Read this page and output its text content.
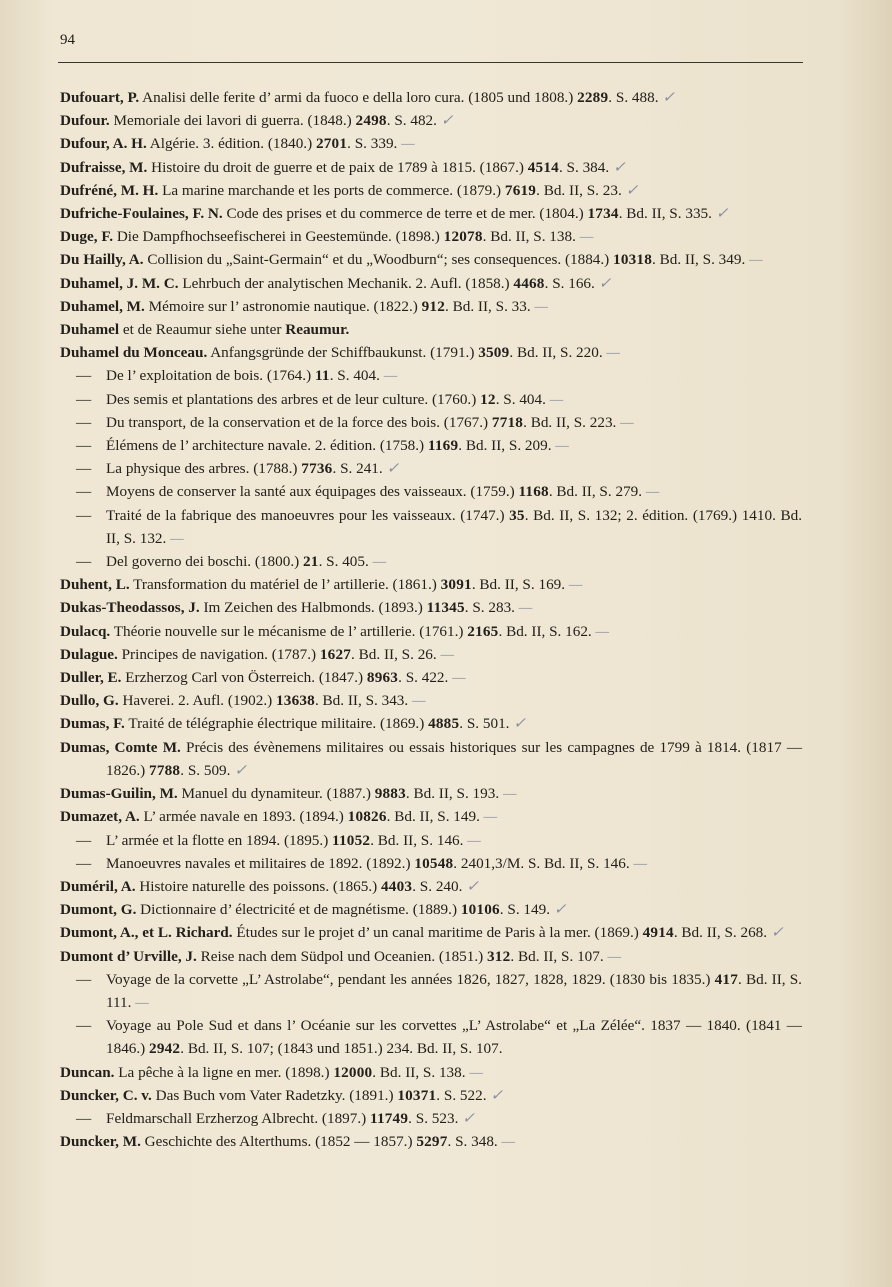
94
Dufouart, P. Analisi delle ferite d’ armi da fuoco e della loro cura. (1805 und 1808.) 2289. S. 488. ✓
Dufour. Memoriale dei lavori di guerra. (1848.) 2498. S. 482. ✓
Dufour, A. H. Algérie. 3. édition. (1840.) 2701. S. 339. —
Dufraisse, M. Histoire du droit de guerre et de paix de 1789 à 1815. (1867.) 4514. S. 384. ✓
Dufréné, M. H. La marine marchande et les ports de commerce. (1879.) 7619. Bd. II, S. 23. ✓
Dufriche-Foulaines, F. N. Code des prises et du commerce de terre et de mer. (1804.) 1734. Bd. II, S. 335. ✓
Duge, F. Die Dampfhochseefischerei in Geestemünde. (1898.) 12078. Bd. II, S. 138. —
Du Hailly, A. Collision du „Saint-Germain“ et du „Woodburn“; ses consequences. (1884.) 10318. Bd. II, S. 349. —
Duhamel, J. M. C. Lehrbuch der analytischen Mechanik. 2. Aufl. (1858.) 4468. S. 166. ✓
Duhamel, M. Mémoire sur l’ astronomie nautique. (1822.) 912. Bd. II, S. 33. —
Duhamel et de Reaumur siehe unter Reaumur.
Duhamel du Monceau. Anfangsgründe der Schiffbaukunst. (1791.) 3509. Bd. II, S. 220. —
— De l’ exploitation de bois. (1764.) 11. S. 404. —
— Des semis et plantations des arbres et de leur culture. (1760.) 12. S. 404. —
— Du transport, de la conservation et de la force des bois. (1767.) 7718. Bd. II, S. 223. —
— Élémens de l’ architecture navale. 2. édition. (1758.) 1169. Bd. II, S. 209. —
— La physique des arbres. (1788.) 7736. S. 241. ✓
— Moyens de conserver la santé aux équipages des vaisseaux. (1759.) 1168. Bd. II, S. 279. —
— Traité de la fabrique des manoeuvres pour les vaisseaux. (1747.) 35. Bd. II, S. 132; 2. édition. (1769.) 1410. Bd. II, S. 132. —
— Del governo dei boschi. (1800.) 21. S. 405. —
Duhent, L. Transformation du matériel de l’ artillerie. (1861.) 3091. Bd. II, S. 169. —
Dukas-Theodassos, J. Im Zeichen des Halbmonds. (1893.) 11345. S. 283. —
Dulacq. Théorie nouvelle sur le mécanisme de l’ artillerie. (1761.) 2165. Bd. II, S. 162. —
Dulague. Principes de navigation. (1787.) 1627. Bd. II, S. 26. —
Duller, E. Erzherzog Carl von Österreich. (1847.) 8963. S. 422. —
Dullo, G. Haverei. 2. Aufl. (1902.) 13638. Bd. II, S. 343. —
Dumas, F. Traité de télégraphie électrique militaire. (1869.) 4885. S. 501. ✓
Dumas, Comte M. Précis des évènemens militaires ou essais historiques sur les campagnes de 1799 à 1814. (1817 — 1826.) 7788. S. 509. ✓
Dumas-Guilin, M. Manuel du dynamiteur. (1887.) 9883. Bd. II, S. 193. —
Dumazet, A. L’ armée navale en 1893. (1894.) 10826. Bd. II, S. 149. —
— L’ armée et la flotte en 1894. (1895.) 11052. Bd. II, S. 146. —
— Manoeuvres navales et militaires de 1892. (1892.) 10548. 2401,3/M. S. Bd. II, S. 146. —
Duméril, A. Histoire naturelle des poissons. (1865.) 4403. S. 240. ✓
Dumont, G. Dictionnaire d’ électricité et de magnétisme. (1889.) 10106. S. 149. ✓
Dumont, A., et L. Richard. Études sur le projet d’ un canal maritime de Paris à la mer. (1869.) 4914. Bd. II, S. 268. ✓
Dumont d’ Urville, J. Reise nach dem Südpol und Oceanien. (1851.) 312. Bd. II, S. 107. —
— Voyage de la corvette „L’ Astrolabe“, pendant les années 1826, 1827, 1828, 1829. (1830 bis 1835.) 417. Bd. II, S. 111. —
— Voyage au Pole Sud et dans l’ Océanie sur les corvettes „L’ Astrolabe“ et „La Zélée“. 1837 — 1840. (1841 — 1846.) 2942. Bd. II, S. 107; (1843 und 1851.) 234. Bd. II, S. 107.
Duncan. La pêche à la ligne en mer. (1898.) 12000. Bd. II, S. 138. —
Duncker, C. v. Das Buch vom Vater Radetzky. (1891.) 10371. S. 522. ✓
— Feldmarschall Erzherzog Albrecht. (1897.) 11749. S. 523. ✓
Duncker, M. Geschichte des Alterthums. (1852 — 1857.) 5297. S. 348. —
